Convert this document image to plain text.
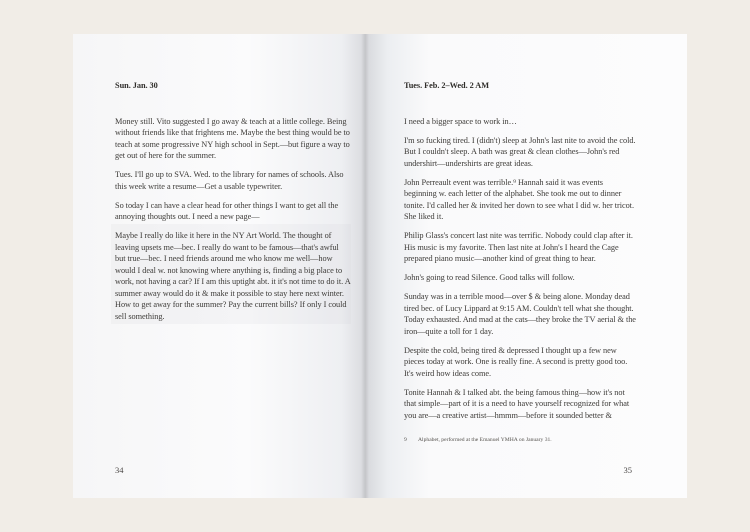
Sun. Jan. 30

Money still. Vito suggested I go away & teach at a little college. Being without friends like that frightens me. Maybe the best thing would be to teach at some progressive NY high school in Sept.—but figure a way to get out of here for the summer.

Tues. I'll go up to SVA. Wed. to the library for names of schools. Also this week write a resume—Get a usable typewriter.

So today I can have a clear head for other things I want to get all the annoying thoughts out. I need a new page—

Maybe I really do like it here in the NY Art World. The thought of leaving upsets me—bec. I really do want to be famous—that's awful but true—bec. I need friends around me who know me well—how would I deal w. not knowing where anything is, finding a big place to work, not having a car? If I am this uptight abt. it it's not time to do it. A summer away would do it & make it possible to stay here next winter. How to get away for the summer? Pay the current bills? If only I could sell something.

34

Tues. Feb. 2–Wed. 2 AM

I need a bigger space to work in…

I'm so fucking tired. I (didn't) sleep at John's last nite to avoid the cold. But I couldn't sleep. A bath was great & clean clothes—John's red undershirt—undershirts are great ideas.

John Perreault event was terrible.⁹ Hannah said it was events beginning w. each letter of the alphabet. She took me out to dinner tonite. I'd called her & invited her down to see what I did w. her tricot. She liked it.

Philip Glass's concert last nite was terrific. Nobody could clap after it. His music is my favorite. Then last nite at John's I heard the Cage prepared piano music—another kind of great thing to hear.

John's going to read Silence. Good talks will follow.

Sunday was in a terrible mood—over $ & being alone. Monday dead tired bec. of Lucy Lippard at 9:15 AM. Couldn't tell what she thought. Today exhausted. And mad at the cats—they broke the TV aerial & the iron—quite a toll for 1 day.

Despite the cold, being tired & depressed I thought up a few new pieces today at work. One is really fine. A second is pretty good too. It's weird how ideas come.

Tonite Hannah & I talked abt. the being famous thing—how it's not that simple—part of it is a need to have yourself recognized for what you are—a creative artist—hmmm—before it sounded better &

9 Alphabet, performed at the Emanuel YMHA on January 31.
35
